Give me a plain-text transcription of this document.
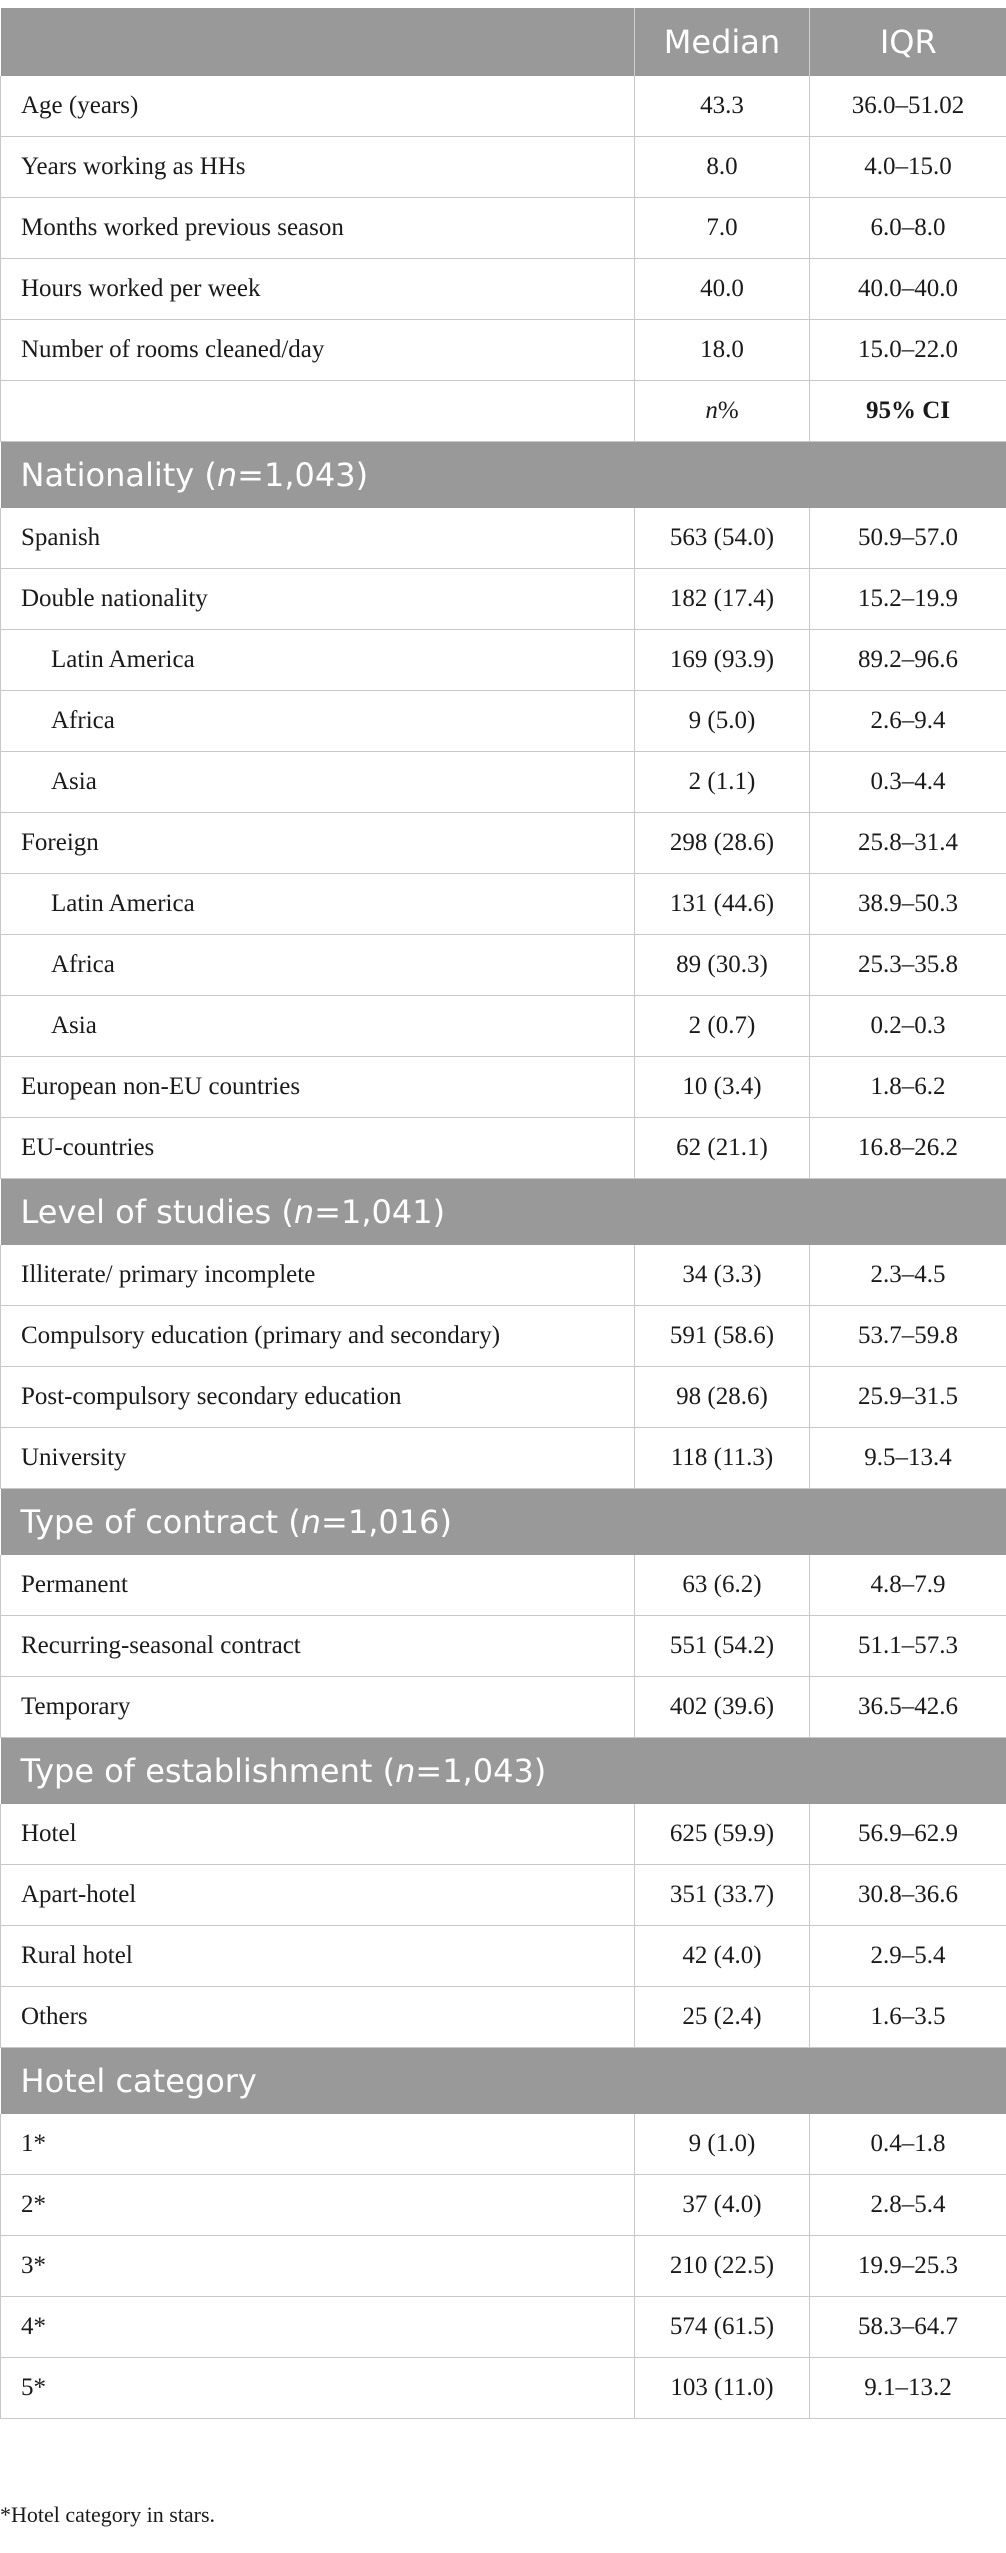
	Median	IQR
Age (years)	43.3	36.0–51.02
Years working as HHs	8.0	4.0–15.0
Months worked previous season	7.0	6.0–8.0
Hours worked per week	40.0	40.0–40.0
Number of rooms cleaned/day	18.0	15.0–22.0
	n%	95% CI
Nationality (n=1,043)		
Spanish	563 (54.0)	50.9–57.0
Double nationality	182 (17.4)	15.2–19.9
Latin America	169 (93.9)	89.2–96.6
Africa	9 (5.0)	2.6–9.4
Asia	2 (1.1)	0.3–4.4
Foreign	298 (28.6)	25.8–31.4
Latin America	131 (44.6)	38.9–50.3
Africa	89 (30.3)	25.3–35.8
Asia	2 (0.7)	0.2–0.3
European non-EU countries	10 (3.4)	1.8–6.2
EU-countries	62 (21.1)	16.8–26.2
Level of studies (n=1,041)		
Illiterate/ primary incomplete	34 (3.3)	2.3–4.5
Compulsory education (primary and secondary)	591 (58.6)	53.7–59.8
Post-compulsory secondary education	98 (28.6)	25.9–31.5
University	118 (11.3)	9.5–13.4
Type of contract (n=1,016)		
Permanent	63 (6.2)	4.8–7.9
Recurring-seasonal contract	551 (54.2)	51.1–57.3
Temporary	402 (39.6)	36.5–42.6
Type of establishment (n=1,043)		
Hotel	625 (59.9)	56.9–62.9
Apart-hotel	351 (33.7)	30.8–36.6
Rural hotel	42 (4.0)	2.9–5.4
Others	25 (2.4)	1.6–3.5
Hotel category		
1*	9 (1.0)	0.4–1.8
2*	37 (4.0)	2.8–5.4
3*	210 (22.5)	19.9–25.3
4*	574 (61.5)	58.3–64.7
5*	103 (11.0)	9.1–13.2
*Hotel category in stars.
